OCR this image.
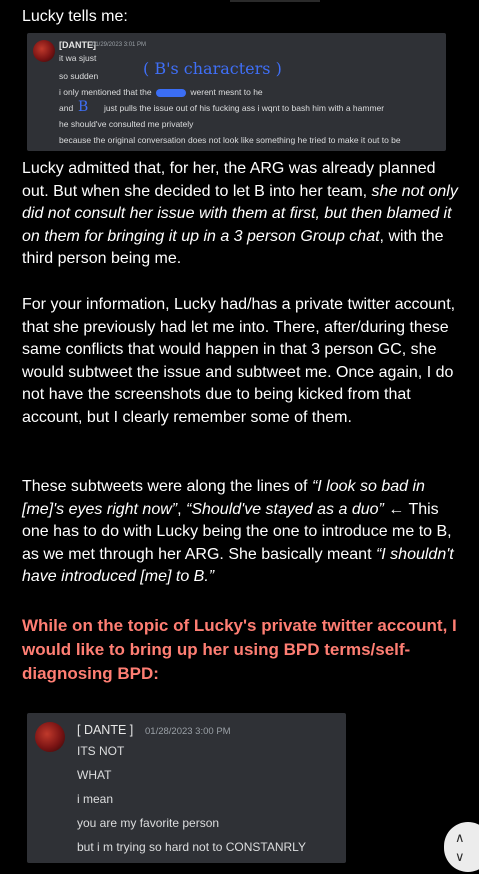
Lucky tells me:
[DANTE]
01/29/2023 3:01 PM
( B's characters )
B
it wa sjust
so sudden
i only mentioned that the	werent mesnt to he
and	just pulls the issue out of his fucking ass i wqnt to bash him with a hammer
he should've consulted me privately
because the original conversation does not look like something he tried to make it out to be
Lucky admitted that, for her, the ARG was already planned out. But when she decided to let B into her team, she not only did not consult her issue with them at first, but then blamed it on them for bringing it up in a 3 person Group chat, with the third person being me.
For your information, Lucky had/has a private twitter account, that she previously had let me into. There, after/during these same conflicts that would happen in that 3 person GC, she would subtweet the issue and subtweet me. Once again, I do not have the screenshots due to being kicked from that account, but I clearly remember some of them.
These subtweets were along the lines of “I look so bad in [me]'s eyes right now”, “Should've stayed as a duo” ← This one has to do with Lucky being the one to introduce me to B, as we met through her ARG. She basically meant “I shouldn't have introduced [me] to B.”
While on the topic of Lucky's private twitter account, I would like to bring up her using BPD terms/self-diagnosing BPD:
[ DANTE ] 01/28/2023 3:00 PM
ITS NOT
WHAT
i mean
you are my favorite person
but i m trying so hard not to CONSTANRLY
∧
∨
